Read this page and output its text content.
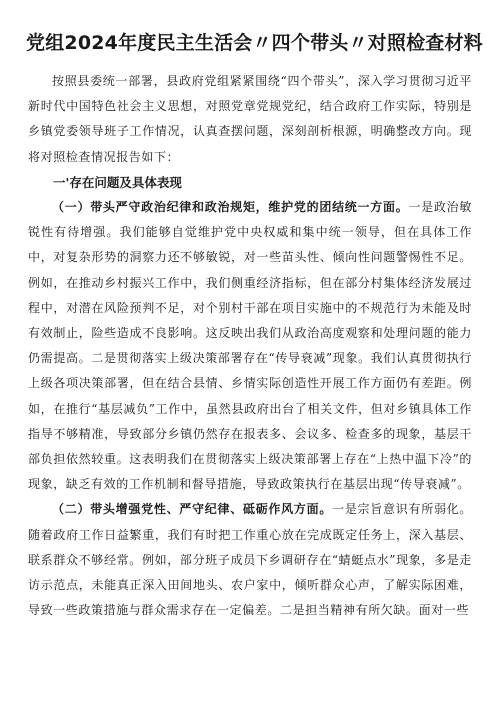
党组2024年度民主生活会〃四个带头〃对照检查材料

按照县委统一部署，县政府党组紧紧围绕“四个带头”，深入学习贯彻习近平新时代中国特色社会主义思想，对照党章党规党纪，结合政府工作实际，特别是乡镇党委领导班子工作情况，认真查摆问题，深刻剖析根源，明确整改方向。现将对照检查情况报告如下：

一'存在问题及具体表现

（一）带头严守政治纪律和政治规矩，维护党的团结统一方面。一是政治敏锐性有待增强。我们能够自觉维护党中央权威和集中统一领导，但在具体工作中，对复杂形势的洞察力还不够敏锐，对一些苗头性、倾向性问题警惕性不足。例如，在推动乡村振兴工作中，我们侧重经济指标，但在部分村集体经济发展过程中，对潜在风险预判不足，对个别村干部在项目实施中的不规范行为未能及时有效制止，险些造成不良影响。这反映出我们从政治高度观察和处理问题的能力仍需提高。二是贯彻落实上级决策部署存在“传导衰减”现象。我们认真贯彻执行上级各项决策部署，但在结合县情、乡情实际创造性开展工作方面仍有差距。例如，在推行“基层减负”工作中，虽然县政府出台了相关文件，但对乡镇具体工作指导不够精准，导致部分乡镇仍然存在报表多、会议多、检查多的现象，基层干部负担依然较重。这表明我们在贯彻落实上级决策部署上存在“上热中温下冷”的现象，缺乏有效的工作机制和督导措施，导致政策执行在基层出现“传导衰减”。

（二）带头增强党性、严守纪律、砥砺作风方面。一是宗旨意识有所弱化。随着政府工作日益繁重，我们有时把工作重心放在完成既定任务上，深入基层、联系群众不够经常。例如，部分班子成员下乡调研存在“蜻蜓点水”现象，多是走访示范点，未能真正深入田间地头、农户家中，倾听群众心声，了解实际困难，导致一些政策措施与群众需求存在一定偏差。二是担当精神有所欠缺。面对一些
